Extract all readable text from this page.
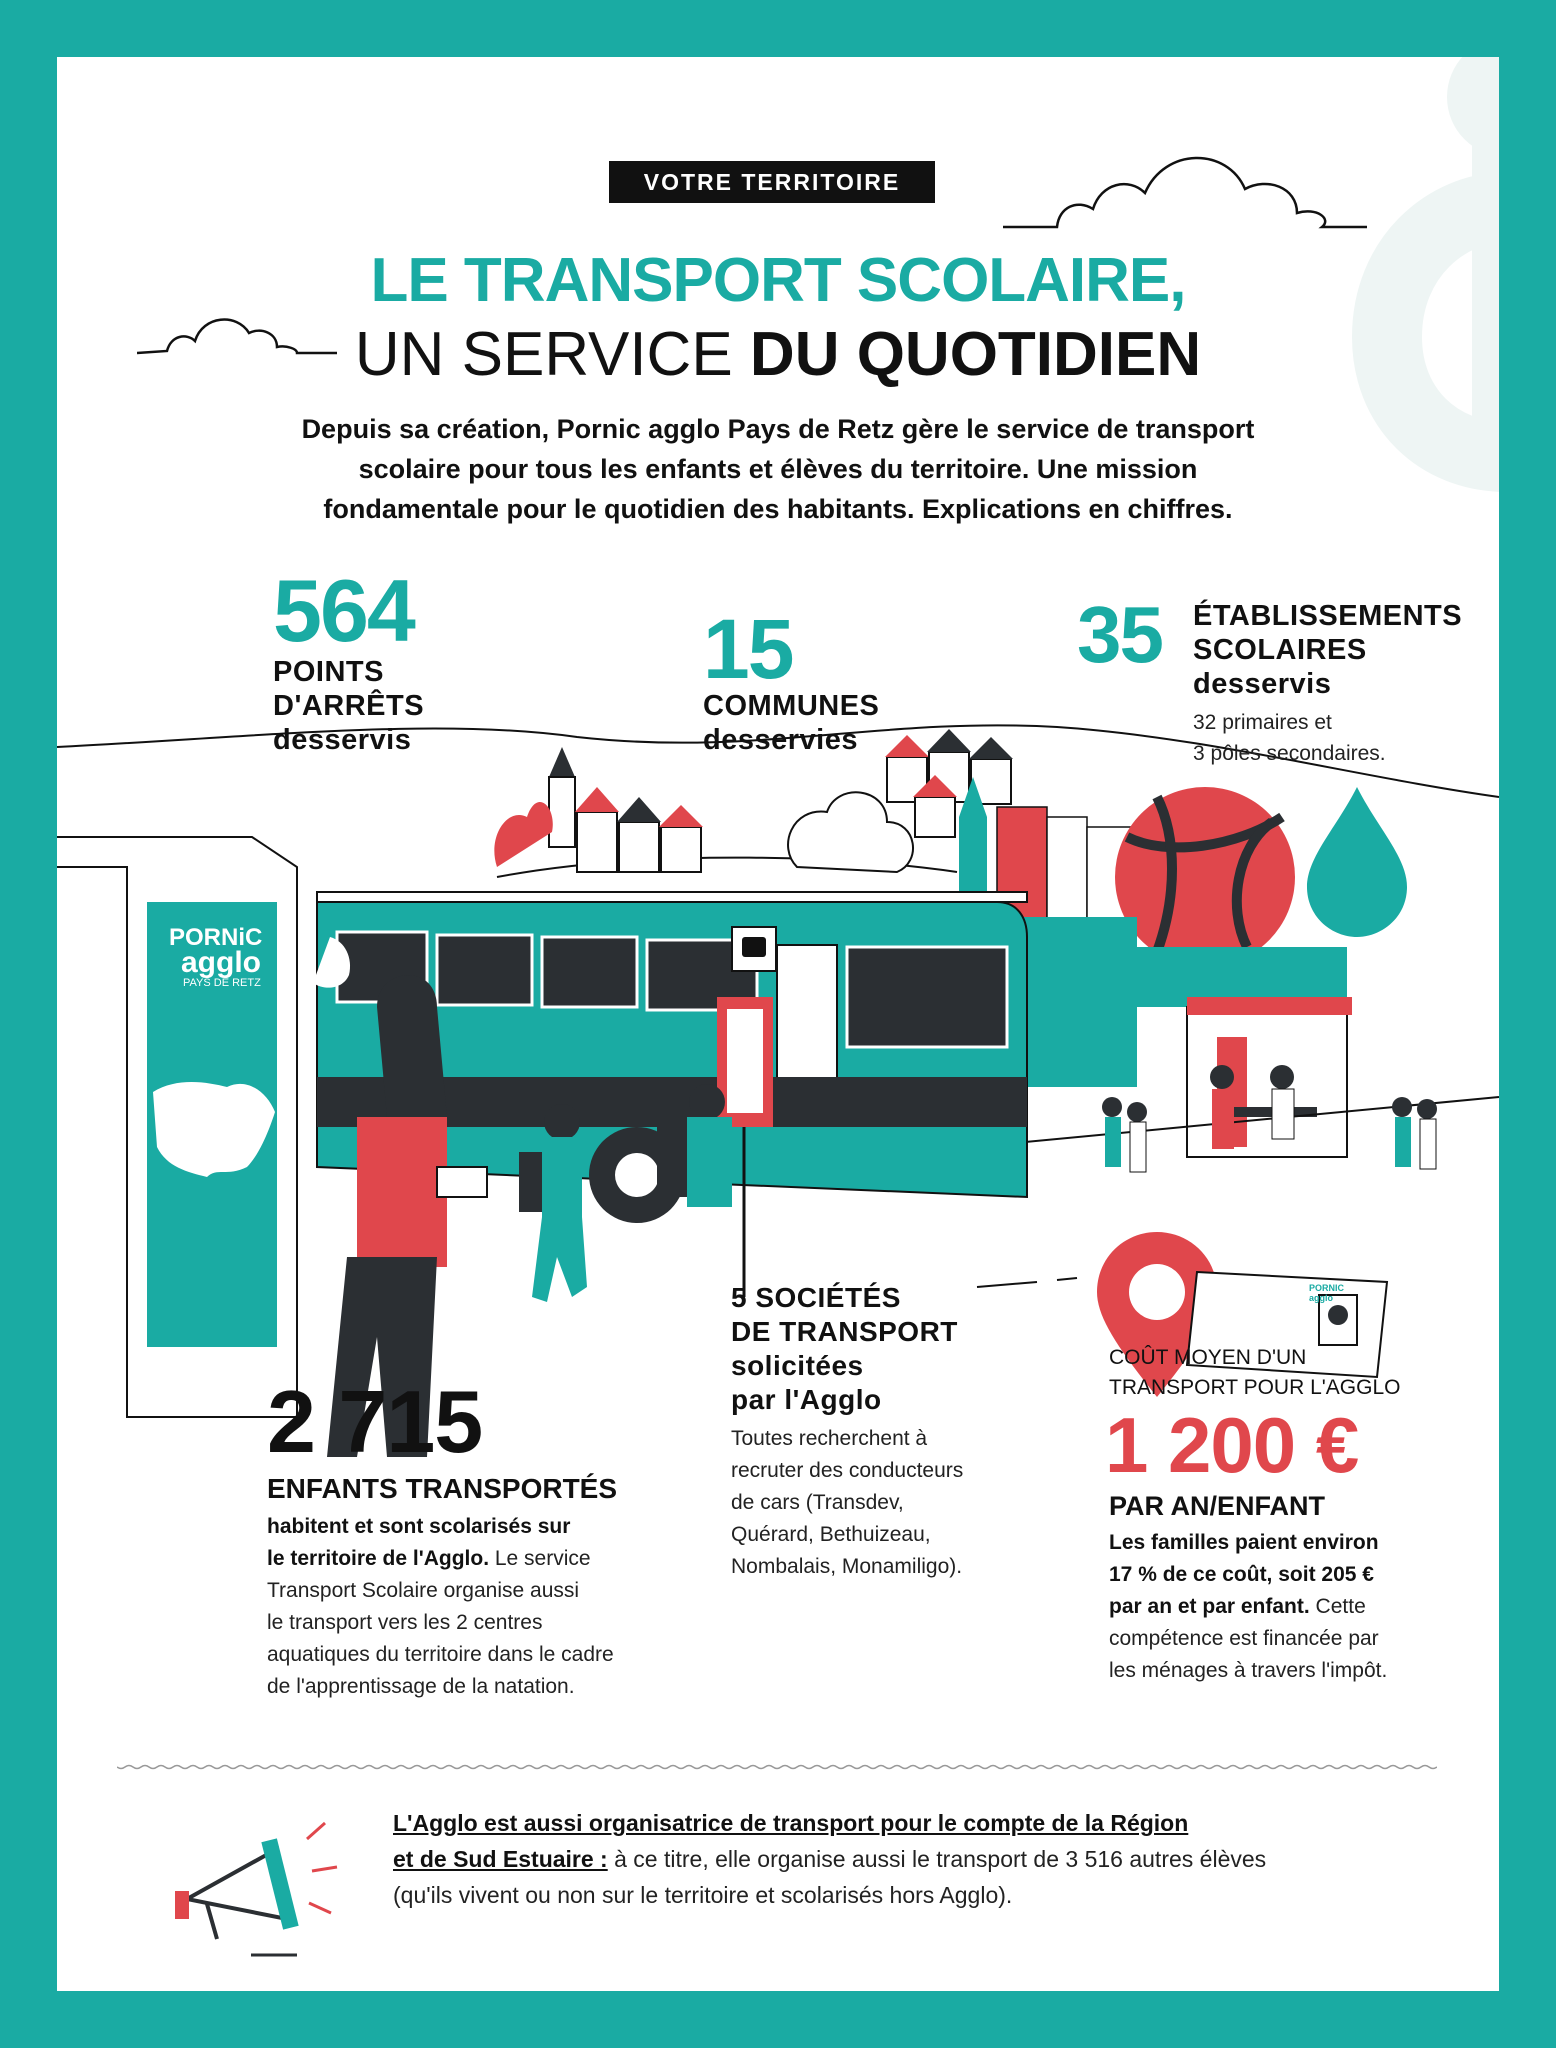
VOTRE TERRITOIRE
LE TRANSPORT SCOLAIRE,
UN SERVICE DU QUOTIDIEN
Depuis sa création, Pornic agglo Pays de Retz gère le service de transport
scolaire pour tous les enfants et élèves du territoire. Une mission
fondamentale pour le quotidien des habitants. Explications en chiffres.
PORNiC
agglo
PAYS DE RETZ
PORNIC
agglo
564
POINTS
D'ARRÊTS
desservis
15
COMMUNES
desservies
35 ÉTABLISSEMENTS
SCOLAIRES
desservis
32 primaires et
3 pôles secondaires.
2 715
ENFANTS TRANSPORTÉS
habitent et sont scolarisés sur
le territoire de l'Agglo. Le service
Transport Scolaire organise aussi
le transport vers les 2 centres
aquatiques du territoire dans le cadre
de l'apprentissage de la natation.
5 SOCIÉTÉS
DE TRANSPORT
solicitées
par l'Agglo
Toutes recherchent à
recruter des conducteurs
de cars (Transdev,
Quérard, Bethuizeau,
Nombalais, Monamiligo).
COÛT MOYEN D'UN
TRANSPORT POUR L'AGGLO
1 200 €
PAR AN/ENFANT
Les familles paient environ
17 % de ce coût, soit 205 €
par an et par enfant. Cette
compétence est financée par
les ménages à travers l'impôt.
L'Agglo est aussi organisatrice de transport pour le compte de la Région
et de Sud Estuaire : à ce titre, elle organise aussi le transport de 3 516 autres élèves
(qu'ils vivent ou non sur le territoire et scolarisés hors Agglo).
